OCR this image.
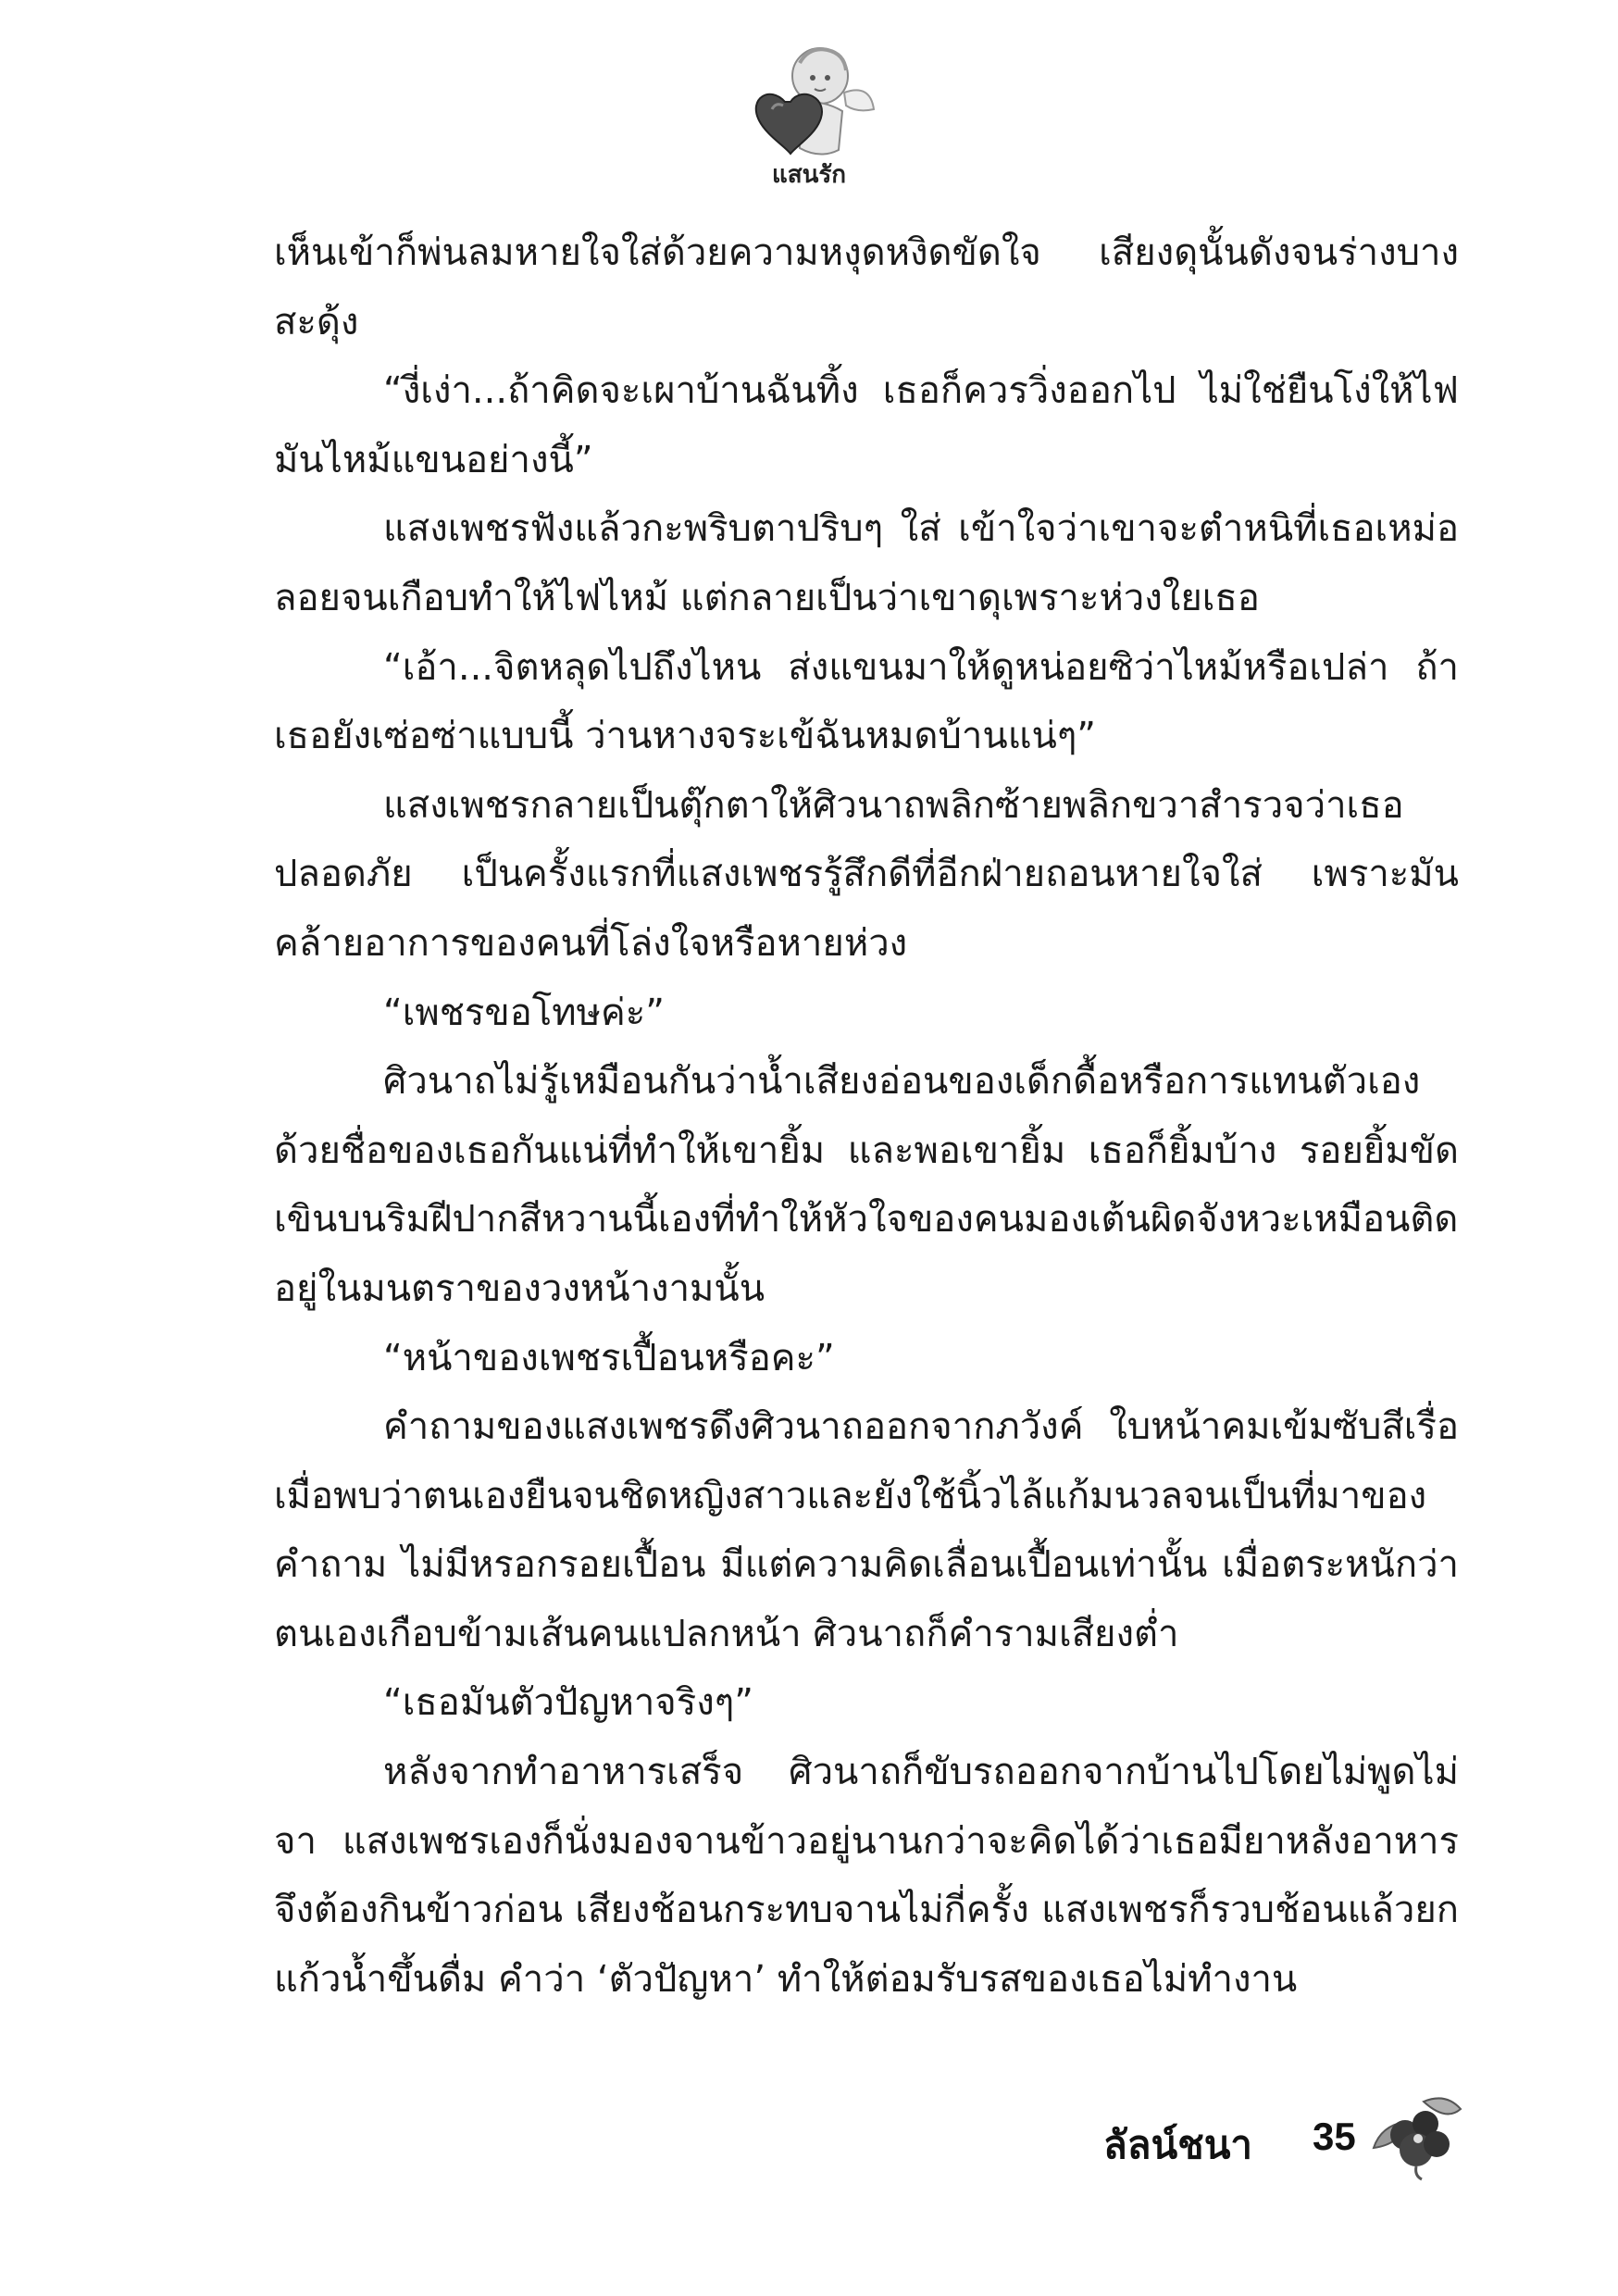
แสนรัก

เห็นเข้าก็พ่นลมหายใจใส่ด้วยความหงุดหงิดขัดใจ เสียงดุนั้นดังจนร่างบางสะดุ้ง

“งี่เง่า...ถ้าคิดจะเผาบ้านฉันทิ้ง เธอก็ควรวิ่งออกไป ไม่ใช่ยืนโง่ให้ไฟมันไหม้แขนอย่างนี้”

แสงเพชรฟังแล้วกะพริบตาปริบๆ ใส่ เข้าใจว่าเขาจะตำหนิที่เธอเหม่อลอยจนเกือบทำให้ไฟไหม้ แต่กลายเป็นว่าเขาดุเพราะห่วงใยเธอ

“เอ้า...จิตหลุดไปถึงไหน ส่งแขนมาให้ดูหน่อยซิว่าไหม้หรือเปล่า ถ้าเธอยังเซ่อซ่าแบบนี้ ว่านหางจระเข้ฉันหมดบ้านแน่ๆ”

แสงเพชรกลายเป็นตุ๊กตาให้ศิวนาถพลิกซ้ายพลิกขวาสำรวจว่าเธอปลอดภัย เป็นครั้งแรกที่แสงเพชรรู้สึกดีที่อีกฝ่ายถอนหายใจใส่ เพราะมันคล้ายอาการของคนที่โล่งใจหรือหายห่วง

“เพชรขอโทษค่ะ”

ศิวนาถไม่รู้เหมือนกันว่าน้ำเสียงอ่อนของเด็กดื้อหรือการแทนตัวเองด้วยชื่อของเธอกันแน่ที่ทำให้เขายิ้ม และพอเขายิ้ม เธอก็ยิ้มบ้าง รอยยิ้มขัดเขินบนริมฝีปากสีหวานนี้เองที่ทำให้หัวใจของคนมองเต้นผิดจังหวะเหมือนติดอยู่ในมนตราของวงหน้างามนั้น

“หน้าของเพชรเปื้อนหรือคะ”

คำถามของแสงเพชรดึงศิวนาถออกจากภวังค์ ใบหน้าคมเข้มซับสีเรื่อเมื่อพบว่าตนเองยืนจนชิดหญิงสาวและยังใช้นิ้วไล้แก้มนวลจนเป็นที่มาของคำถาม ไม่มีหรอกรอยเปื้อน มีแต่ความคิดเลื่อนเปื้อนเท่านั้น เมื่อตระหนักว่าตนเองเกือบข้ามเส้นคนแปลกหน้า ศิวนาถก็คำรามเสียงต่ำ

“เธอมันตัวปัญหาจริงๆ”

หลังจากทำอาหารเสร็จ ศิวนาถก็ขับรถออกจากบ้านไปโดยไม่พูดไม่จา แสงเพชรเองก็นั่งมองจานข้าวอยู่นานกว่าจะคิดได้ว่าเธอมียาหลังอาหารจึงต้องกินข้าวก่อน เสียงช้อนกระทบจานไม่กี่ครั้ง แสงเพชรก็รวบช้อนแล้วยกแก้วน้ำขึ้นดื่ม คำว่า ‘ตัวปัญหา’ ทำให้ต่อมรับรสของเธอไม่ทำงาน

ลัลน์ชนา 35
